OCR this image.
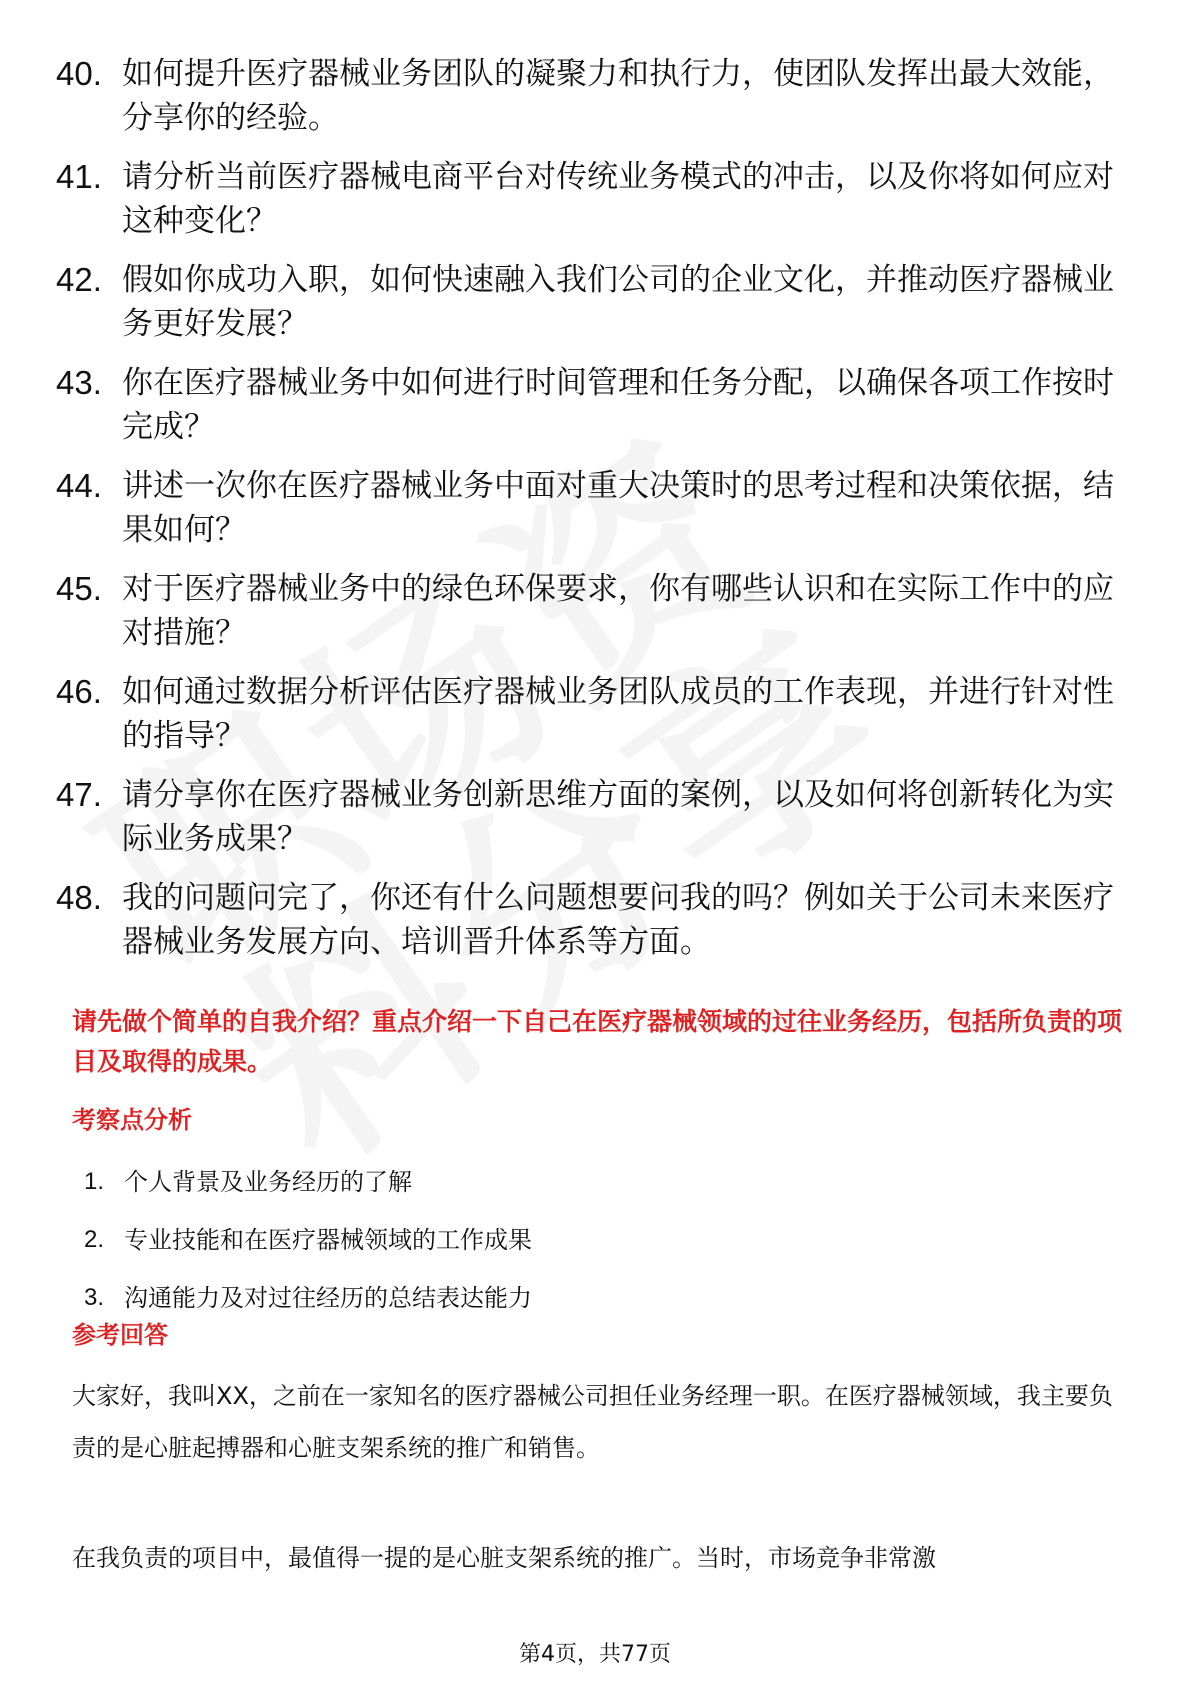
40. 如何提升医疗器械业务团队的凝聚力和执行力，使团队发挥出最大效能，分享你的经验。
41. 请分析当前医疗器械电商平台对传统业务模式的冲击，以及你将如何应对这种变化？
42. 假如你成功入职，如何快速融入我们公司的企业文化，并推动医疗器械业务更好发展？
43. 你在医疗器械业务中如何进行时间管理和任务分配，以确保各项工作按时完成？
44. 讲述一次你在医疗器械业务中面对重大决策时的思考过程和决策依据，结果如何？
45. 对于医疗器械业务中的绿色环保要求，你有哪些认识和在实际工作中的应对措施？
46. 如何通过数据分析评估医疗器械业务团队成员的工作表现，并进行针对性的指导？
47. 请分享你在医疗器械业务创新思维方面的案例，以及如何将创新转化为实际业务成果？
48. 我的问题问完了，你还有什么问题想要问我的吗？例如关于公司未来医疗器械业务发展方向、培训晋升体系等方面。
请先做个简单的自我介绍？重点介绍一下自己在医疗器械领域的过往业务经历，包括所负责的项目及取得的成果。
考察点分析
1. 个人背景及业务经历的了解
2. 专业技能和在医疗器械领域的工作成果
3. 沟通能力及对过往经历的总结表达能力
参考回答
大家好，我叫XX，之前在一家知名的医疗器械公司担任业务经理一职。在医疗器械领域，我主要负责的是心脏起搏器和心脏支架系统的推广和销售。
在我负责的项目中，最值得一提的是心脏支架系统的推广。当时，市场竞争非常激
第4页，共77页
